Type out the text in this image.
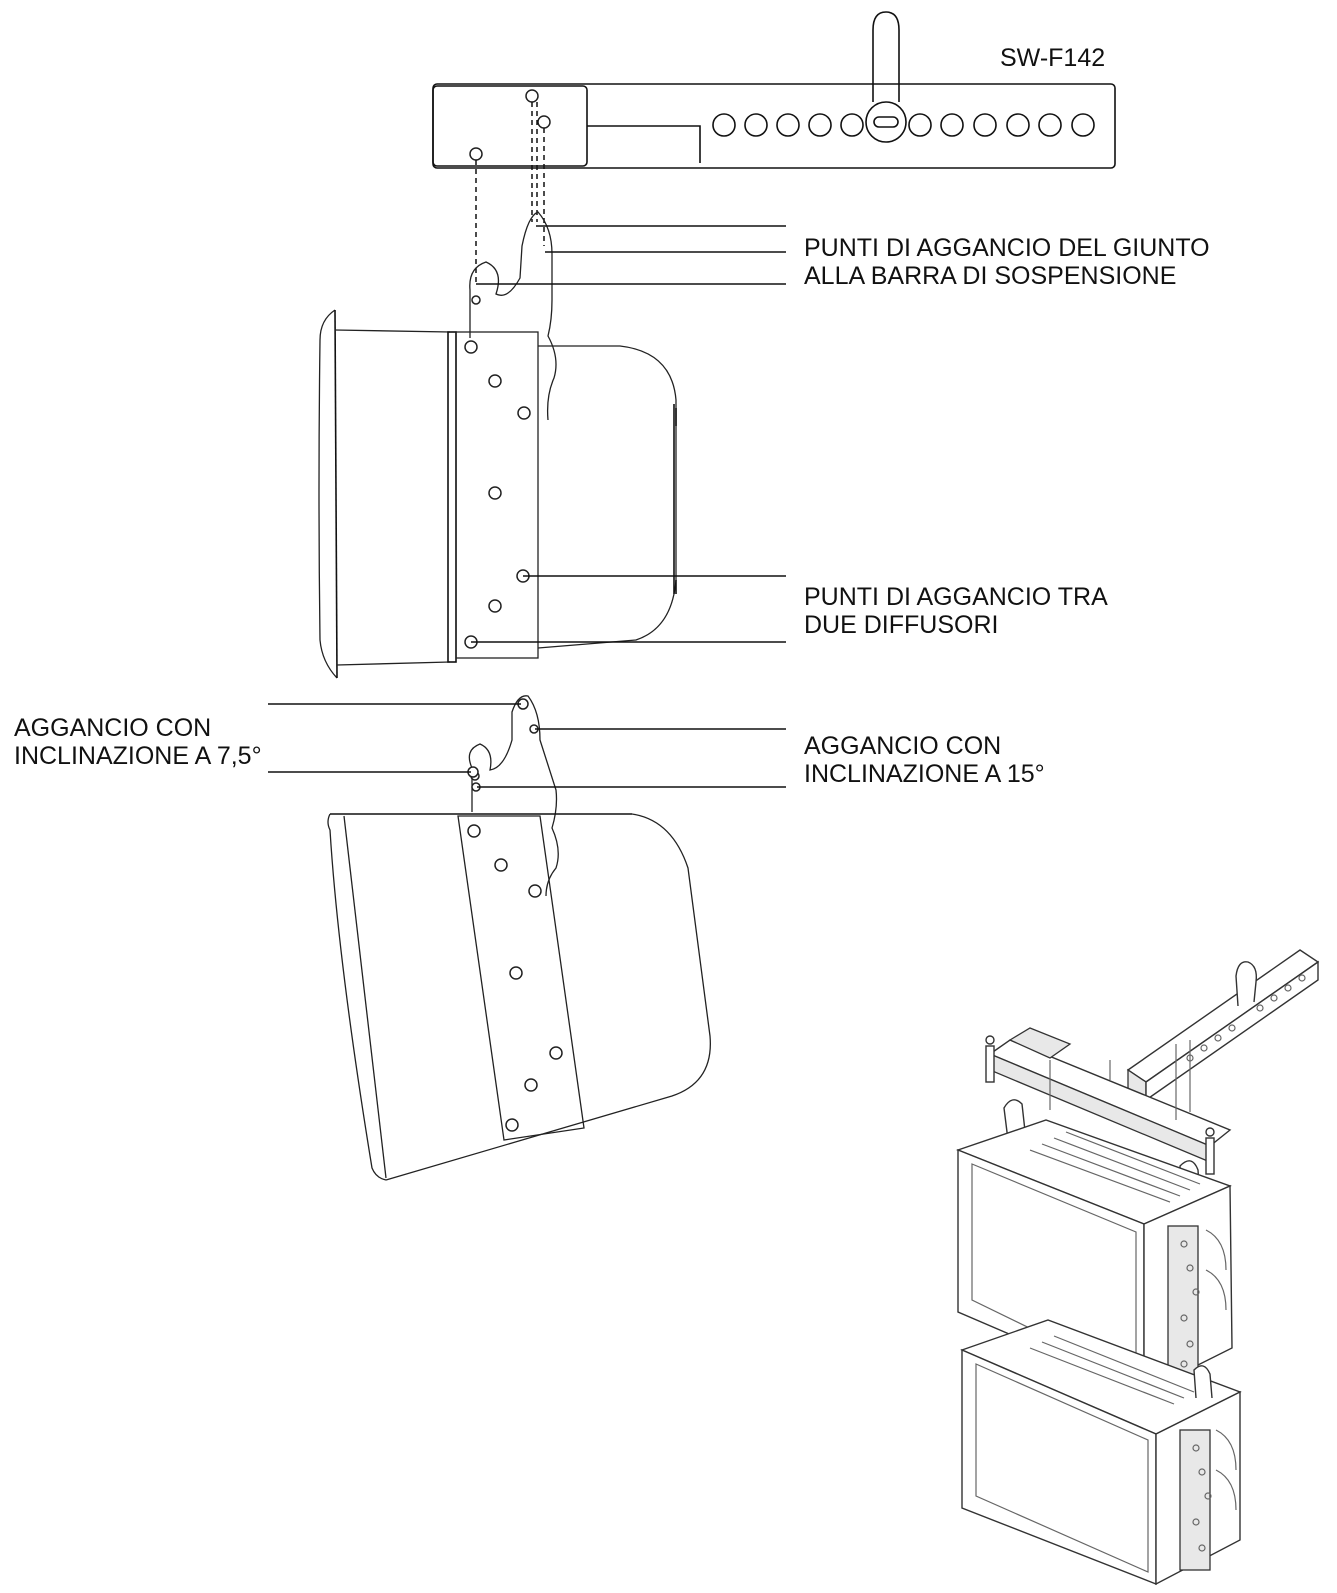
SW-F142
PUNTI DI AGGANCIO DEL GIUNTO
ALLA BARRA DI SOSPENSIONE
PUNTI DI AGGANCIO TRA
DUE DIFFUSORI
AGGANCIO CON
INCLINAZIONE A 7,5°	AGGANCIO CON
INCLINAZIONE A 15°
